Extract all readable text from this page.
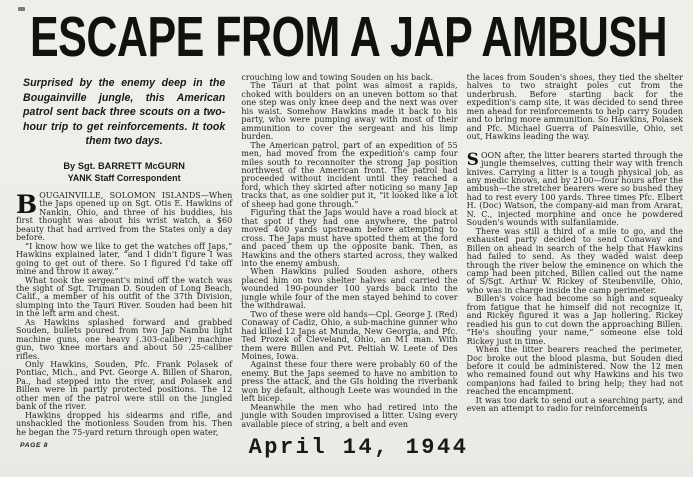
ESCAPE FROM A JAP AMBUSH
Surprised by the enemy deep in the Bougainville jungle, this American patrol sent back three scouts on a two-hour trip to get reinforcements. It took them two days.
By Sgt. BARRETT McGURN
YANK Staff Correspondent

BOUGAINVILLE, SOLOMON ISLANDS—When the Japs opened up on Sgt. Otis E. Hawkins of Nankin, Ohio, and three of his buddies, his first thought was about his wrist watch, a $60 beauty that had arrived from the States only a day before.

“I know how we like to get the watches off Japs,” Hawkins explained later, “and I didn't figure I was going to get out of there. So I figured I'd take off mine and throw it away.”

What took the sergeant's mind off the watch was the sight of Sgt. Truman D. Souden of Long Beach, Calif., a member of his outfit of the 37th Division, slumping into the Tauri River. Souden had been hit in the left arm and chest.

As Hawkins splashed forward and grabbed Souden, bullets poured from two Jap Nambu light machine guns, one heavy (.303-caliber) machine gun, two knee mortars and about 50 .25-caliber rifles.

Only Hawkins, Souden, Pfc. Frank Polasek of Pontiac, Mich., and Pvt. George A. Billen of Sharon, Pa., had stepped into the river, and Polasek and Billen were in partly protected positions. The 12 other men of the patrol were still on the jungled bank of the river.

Hawkins dropped his sidearms and rifle, and unshackled the motionless Souden from his. Then he began the 75-yard return through open water,

crouching low and towing Souden on his back.

The Tauri at that point was almost a rapids, choked with boulders on an uneven bottom so that one step was only knee deep and the next was over his waist. Somehow Hawkins made it back to his party, who were pumping away with most of their ammunition to cover the sergeant and his limp burden.

The American patrol, part of an expedition of 55 men, had moved from the expedition's camp four miles south to reconnoiter the strong Jap position northwest of the American front. The patrol had proceeded without incident until they reached a ford, which they skirted after noticing so many Jap tracks that, as one soldier put it, “it looked like a lot of sheep had gone through.”

Figuring that the Japs would have a road block at that spot if they had one anywhere, the patrol moved 400 yards upstream before attempting to cross. The Japs must have spotted them at the ford and paced them up the opposite bank. Then, as Hawkins and the others started across, they walked into the enemy ambush.

When Hawkins pulled Souden ashore, others placed him on two shelter halves and carried the wounded 190-pounder 100 yards back into the jungle while four of the men stayed behind to cover the withdrawal.

Two of these were old hands—Cpl. George J. (Red) Conaway of Cadiz, Ohio, a sub-machine gunner who had killed 12 Japs at Munda, New Georgia, and Pfc. Ted Prozek of Cleveland, Ohio, an M1 man. With them were Billen and Pvt. Peltiah W. Leete of Des Moines, Iowa.

Against these four there were probably 60 of the enemy. But the Japs seemed to have no ambition to press the attack, and the GIs holding the riverbank won by default, although Leete was wounded in the left bicep.

Meanwhile the men who had retired into the jungle with Souden improvised a litter. Using every available piece of string, a belt and even

the laces from Souden's shoes, they tied the shelter halves to two straight poles cut from the underbrush. Before starting back for the expedition's camp site, it was decided to send three men ahead for reinforcements to help carry Souden and to bring more ammunition. So Hawkins, Polasek and Pfc. Michael Guerra of Painesville, Ohio, set out, Hawkins leading the way.

SOON after, the litter bearers started through the jungle themselves, cutting their way with trench knives. Carrying a litter is a tough physical job, as any medic knows, and by 2100—four hours after the ambush—the stretcher bearers were so bushed they had to rest every 100 yards. Three times Pfc. Elbert H. (Doc) Watson, the company-aid man from Ararat, N. C., injected morphine and once he powdered Souden's wounds with sulfanilamide.

There was still a third of a mile to go, and the exhausted party decided to send Conaway and Billen on ahead in search of the help that Hawkins had failed to send. As they waded waist deep through the river below the eminence on which the camp had been pitched, Billen called out the name of S/Sgt. Arthur W. Rickey of Steubenville, Ohio, who was in charge inside the camp perimeter.

Billen's voice had become so high and squeaky from fatigue that he himself did not recognize it, and Rickey figured it was a Jap hollering. Rickey readied his gun to cut down the approaching Billen. “He's shouting your name,” someone else told Rickey just in time.

When the litter bearers reached the perimeter, Doc broke out the blood plasma, but Souden died before it could be administered. Now the 12 men who remained found out why Hawkins and his two companions had failed to bring help; they had not reached the encampment.

It was too dark to send out a searching party, and even an attempt to radio for reinforcements

PAGE 8	April 14, 1944
